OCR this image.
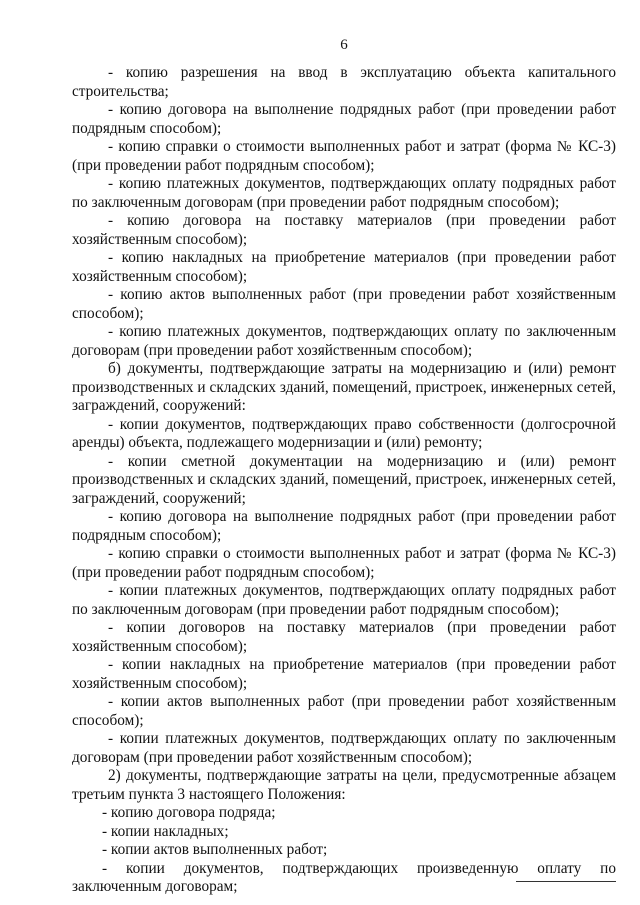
6

- копию разрешения на ввод в эксплуатацию объекта капитального строительства;

- копию договора на выполнение подрядных работ (при проведении работ подрядным способом);

- копию справки о стоимости выполненных работ и затрат (форма № КС-3) (при проведении работ подрядным способом);

- копию платежных документов, подтверждающих оплату подрядных работ по заключенным договорам (при проведении работ подрядным способом);

- копию договора на поставку материалов (при проведении работ хозяйственным способом);

- копию накладных на приобретение материалов (при проведении работ хозяйственным способом);

- копию актов выполненных работ (при проведении работ хозяйственным способом);

- копию платежных документов, подтверждающих оплату по заключенным договорам (при проведении работ хозяйственным способом);

б) документы, подтверждающие затраты на модернизацию и (или) ремонт производственных и складских зданий, помещений, пристроек, инженерных сетей, заграждений, сооружений:

- копии документов, подтверждающих право собственности (долгосрочной аренды) объекта, подлежащего модернизации и (или) ремонту;

- копии сметной документации на модернизацию и (или) ремонт производственных и складских зданий, помещений, пристроек, инженерных сетей, заграждений, сооружений;

- копию договора на выполнение подрядных работ (при проведении работ подрядным способом);

- копию справки о стоимости выполненных работ и затрат (форма № КС-3) (при проведении работ подрядным способом);

- копии платежных документов, подтверждающих оплату подрядных работ по заключенным договорам (при проведении работ подрядным способом);

- копии договоров на поставку материалов (при проведении работ хозяйственным способом);

- копии накладных на приобретение материалов (при проведении работ хозяйственным способом);

- копии актов выполненных работ (при проведении работ хозяйственным способом);

- копии платежных документов, подтверждающих оплату по заключенным договорам (при проведении работ хозяйственным способом);

2) документы, подтверждающие затраты на цели, предусмотренные абзацем третьим пункта 3 настоящего Положения:

- копию договора подряда;

- копии накладных;

- копии актов выполненных работ;

- копии документов, подтверждающих произведенную оплату по заключенным договорам;
